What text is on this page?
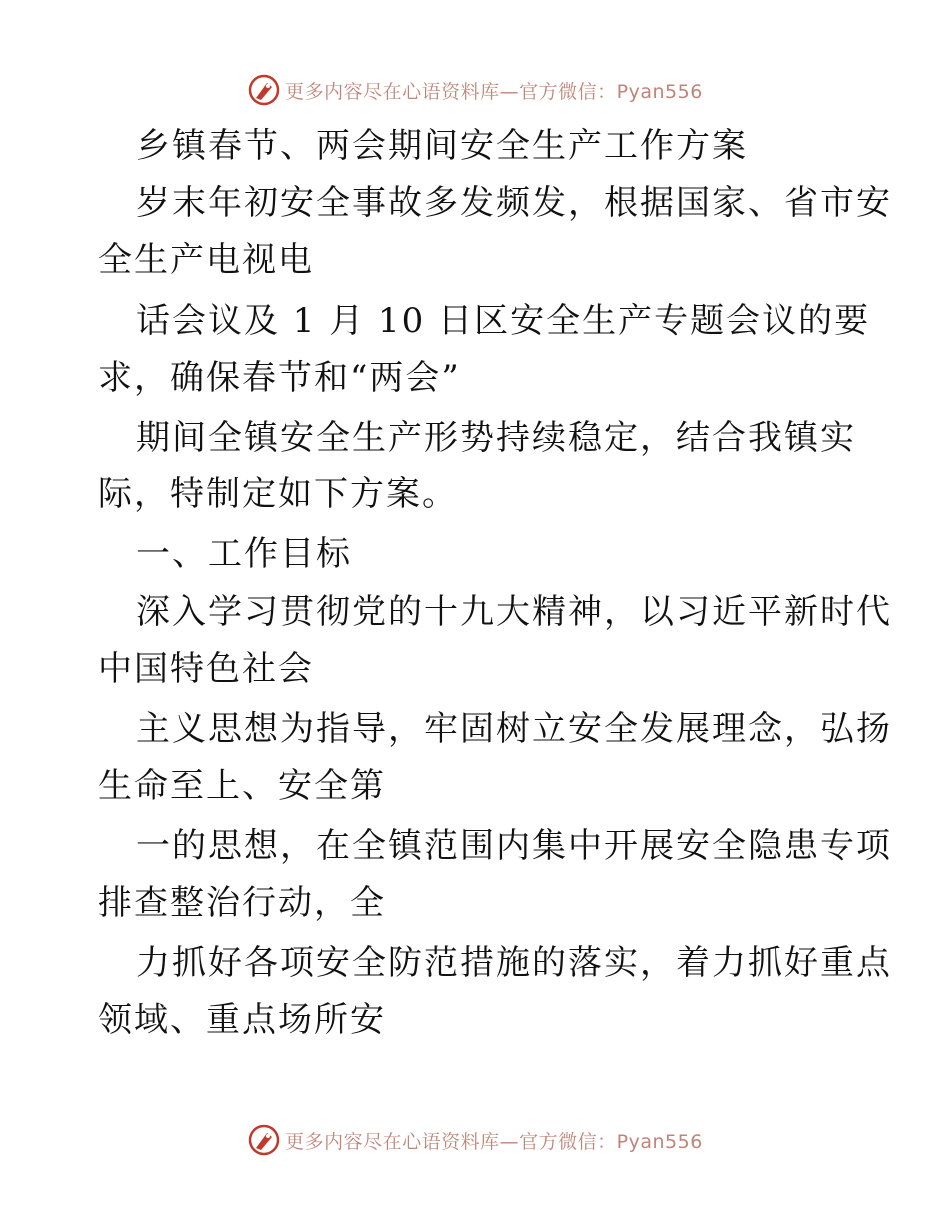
更多内容尽在心语资料库—官方微信：Pyan556
乡镇春节、两会期间安全生产工作方案
岁末年初安全事故多发频发，根据国家、省市安
全生产电视电
话会议及 1 月 10 日区安全生产专题会议的要
求，确保春节和“两会”
期间全镇安全生产形势持续稳定，结合我镇实
际，特制定如下方案。
一、工作目标
深入学习贯彻党的十九大精神，以习近平新时代
中国特色社会
主义思想为指导，牢固树立安全发展理念，弘扬
生命至上、安全第
一的思想，在全镇范围内集中开展安全隐患专项
排查整治行动，全
力抓好各项安全防范措施的落实，着力抓好重点
领域、重点场所安
更多内容尽在心语资料库—官方微信：Pyan556
